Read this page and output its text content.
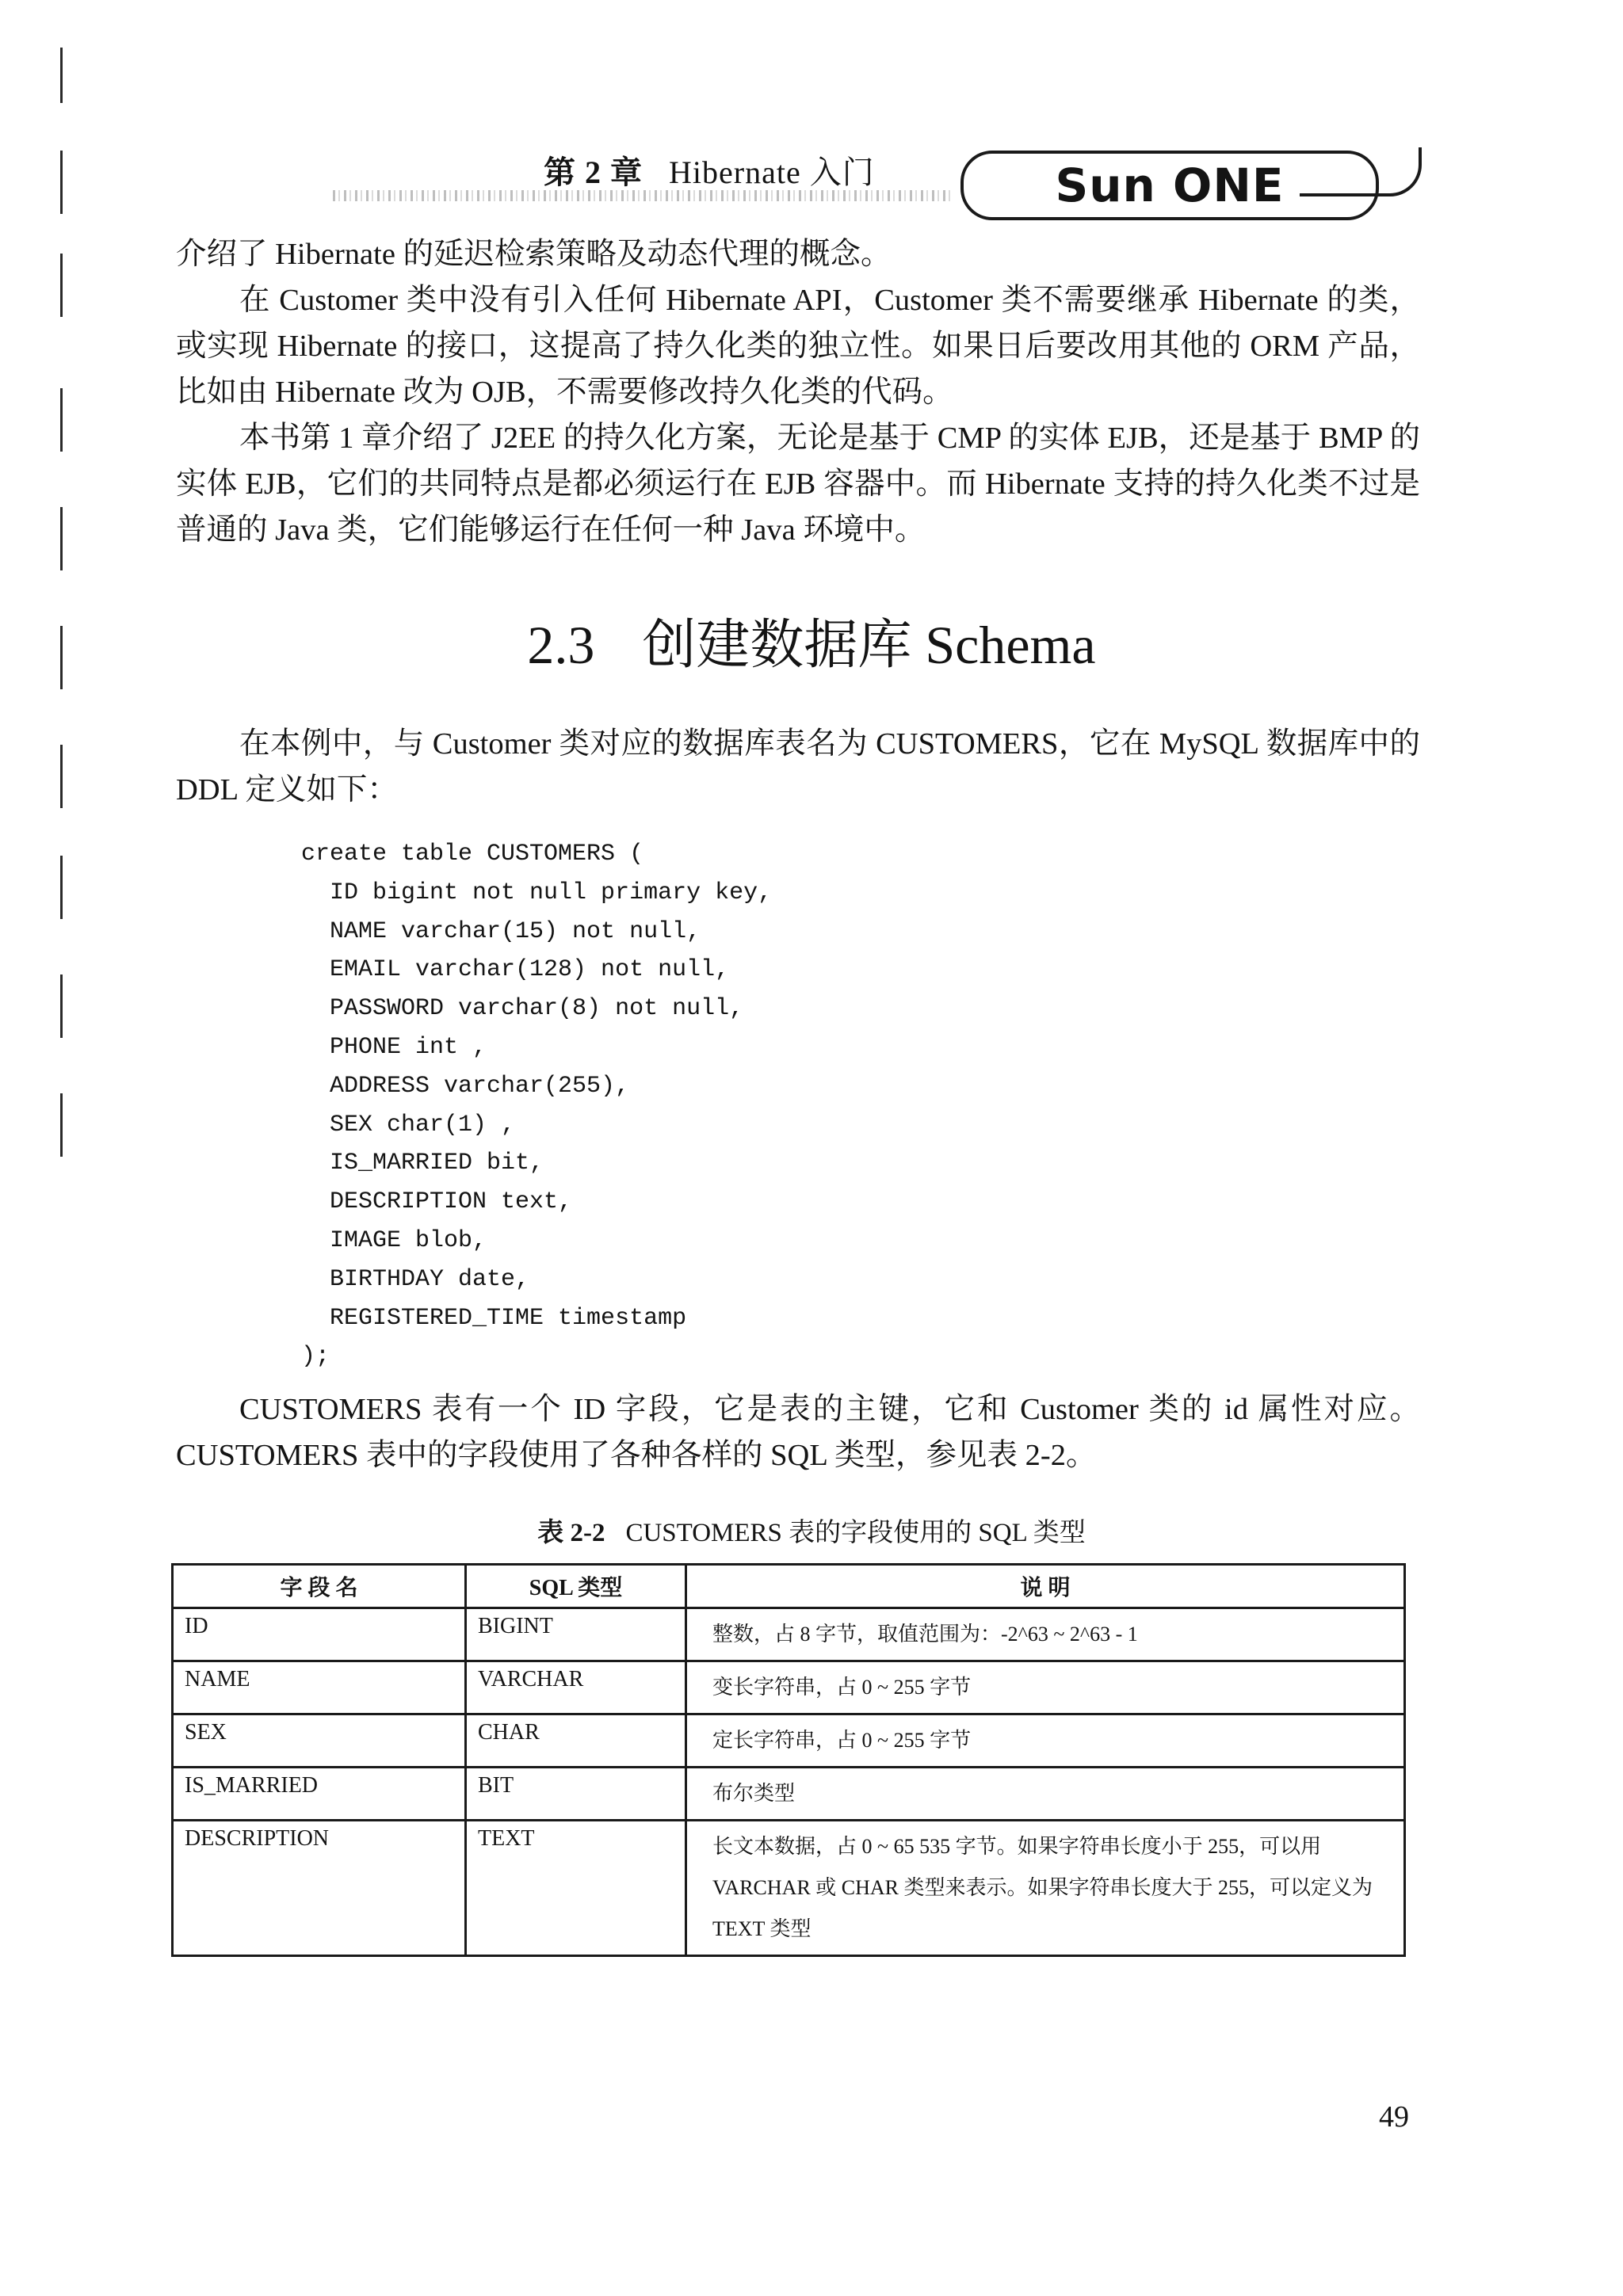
第 2 章 Hibernate 入门	Sun ONE

介绍了 Hibernate 的延迟检索策略及动态代理的概念。

在 Customer 类中没有引入任何 Hibernate API，Customer 类不需要继承 Hibernate 的类，或实现 Hibernate 的接口，这提高了持久化类的独立性。如果日后要改用其他的 ORM 产品，比如由 Hibernate 改为 OJB，不需要修改持久化类的代码。

本书第 1 章介绍了 J2EE 的持久化方案，无论是基于 CMP 的实体 EJB，还是基于 BMP 的实体 EJB，它们的共同特点是都必须运行在 EJB 容器中。而 Hibernate 支持的持久化类不过是普通的 Java 类，它们能够运行在任何一种 Java 环境中。

2.3 创建数据库 Schema

在本例中，与 Customer 类对应的数据库表名为 CUSTOMERS，它在 MySQL 数据库中的 DDL 定义如下：

create table CUSTOMERS (
ID bigint not null primary key,
NAME varchar(15) not null,
EMAIL varchar(128) not null,
PASSWORD varchar(8) not null,
PHONE int ,
ADDRESS varchar(255),
SEX char(1) ,
IS_MARRIED bit,
DESCRIPTION text,
IMAGE blob,
BIRTHDAY date,
REGISTERED_TIME timestamp
);

CUSTOMERS 表有一个 ID 字段，它是表的主键，它和 Customer 类的 id 属性对应。CUSTOMERS 表中的字段使用了各种各样的 SQL 类型，参见表 2-2。

表 2-2 CUSTOMERS 表的字段使用的 SQL 类型

字 段 名	SQL 类型	说 明
ID	BIGINT	整数，占 8 字节，取值范围为：-2^63 ~ 2^63 - 1
NAME	VARCHAR	变长字符串，占 0 ~ 255 字节
SEX	CHAR	定长字符串，占 0 ~ 255 字节
IS_MARRIED	BIT	布尔类型
DESCRIPTION	TEXT	长文本数据，占 0 ~ 65 535 字节。如果字符串长度小于 255，可以用 VARCHAR 或 CHAR 类型来表示。如果字符串长度大于 255，可以定义为 TEXT 类型

49
